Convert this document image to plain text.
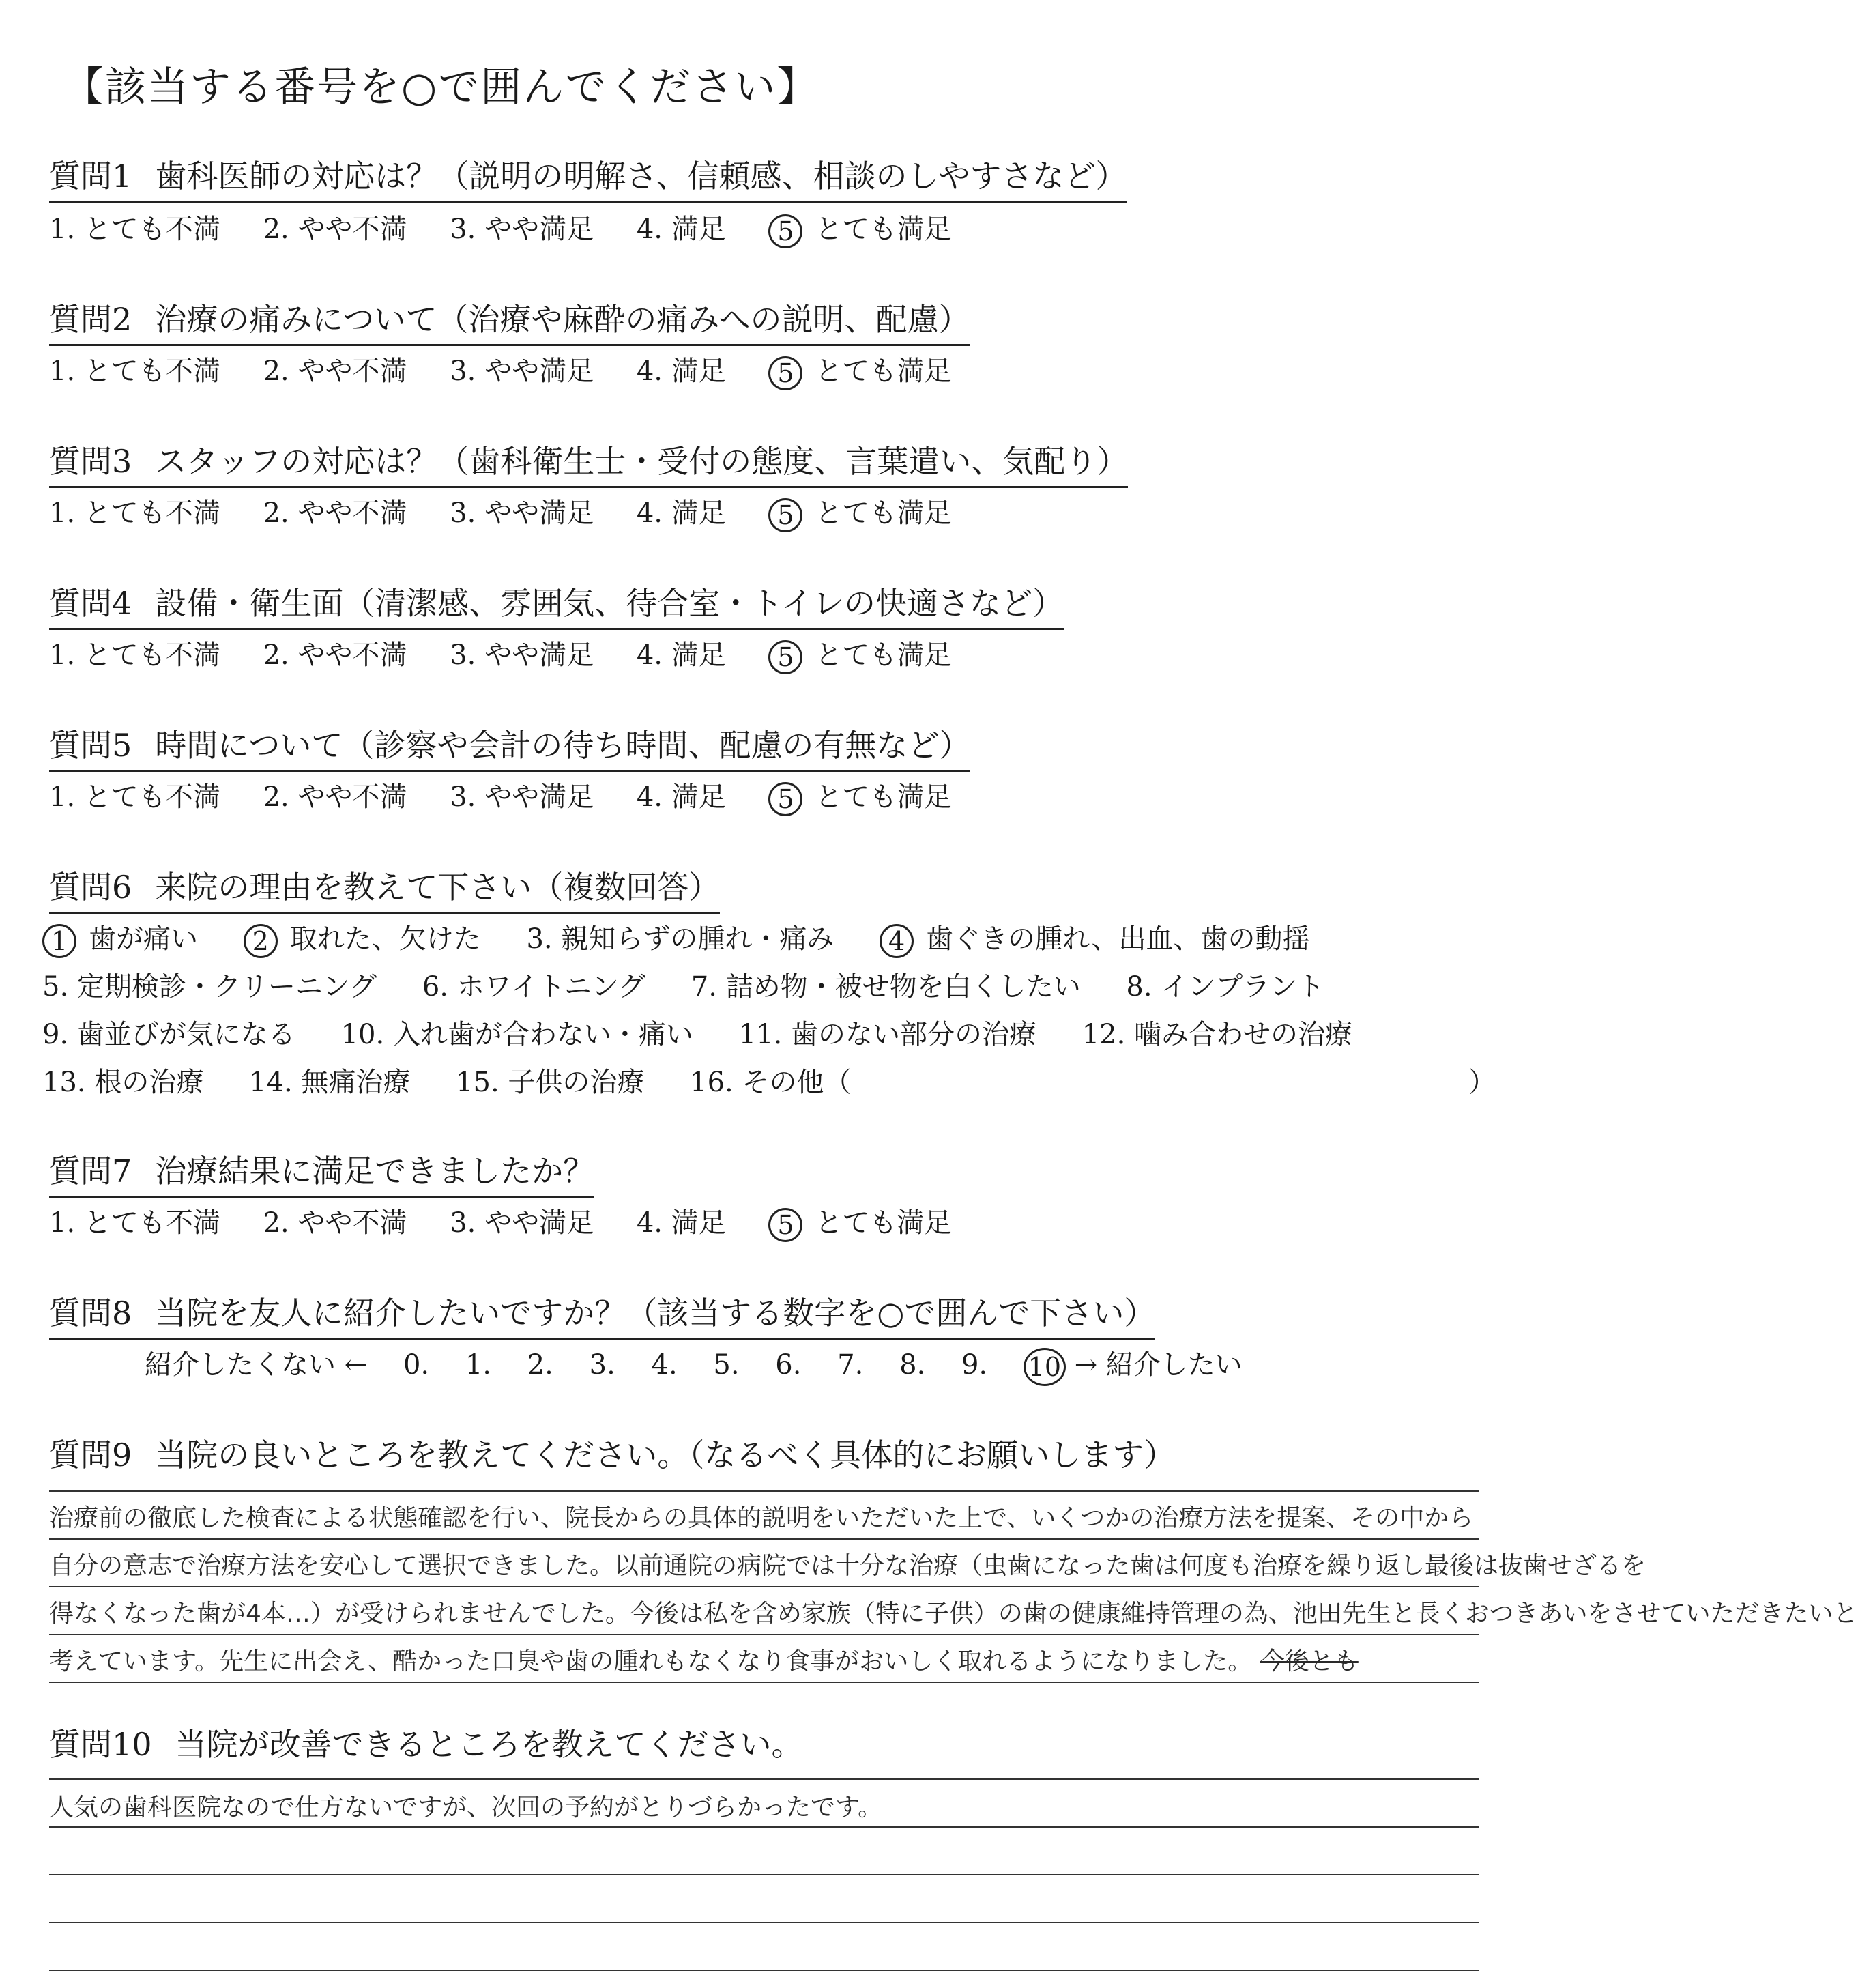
【該当する番号を○で囲んでください】
質問1 歯科医師の対応は？（説明の明解さ、信頼感、相談のしやすさなど）
1. とても不満 2. やや不満 3. やや満足 4. 満足 5 とても満足
質問2 治療の痛みについて（治療や麻酔の痛みへの説明、配慮）
1. とても不満 2. やや不満 3. やや満足 4. 満足 5 とても満足
質問3 スタッフの対応は？（歯科衛生士・受付の態度、言葉遣い、気配り）
1. とても不満 2. やや不満 3. やや満足 4. 満足 5 とても満足
質問4 設備・衛生面（清潔感、雰囲気、待合室・トイレの快適さなど）
1. とても不満 2. やや不満 3. やや満足 4. 満足 5 とても満足
質問5 時間について（診察や会計の待ち時間、配慮の有無など）
1. とても不満 2. やや不満 3. やや満足 4. 満足 5 とても満足
質問6 来院の理由を教えて下さい（複数回答）
1 歯が痛い 2 取れた、欠けた 3. 親知らずの腫れ・痛み 4 歯ぐきの腫れ、出血、歯の動揺
5. 定期検診・クリーニング 6. ホワイトニング 7. 詰め物・被せ物を白くしたい 8. インプラント
9. 歯並びが気になる 10. 入れ歯が合わない・痛い 11. 歯のない部分の治療 12. 噛み合わせの治療
13. 根の治療 14. 無痛治療 15. 子供の治療 16. その他（	）
質問7 治療結果に満足できましたか？
1. とても不満 2. やや不満 3. やや満足 4. 満足 5 とても満足
質問8 当院を友人に紹介したいですか？（該当する数字を○で囲んで下さい）
紹介したくない ← 0. 1. 2. 3. 4. 5. 6. 7. 8. 9. 10 → 紹介したい
質問9 当院の良いところを教えてください。（なるべく具体的にお願いします）
治療前の徹底した検査による状態確認を行い、院長からの具体的説明をいただいた上で、いくつかの治療方法を提案、その中から
自分の意志で治療方法を安心して選択できました。以前通院の病院では十分な治療（虫歯になった歯は何度も治療を繰り返し最後は抜歯せざるを
得なくなった歯が4本…）が受けられませんでした。今後は私を含め家族（特に子供）の歯の健康維持管理の為、池田先生と長くおつきあいをさせていただきたいと
考えています。先生に出会え、酷かった口臭や歯の腫れもなくなり食事がおいしく取れるようになりました。 今後とも
質問10 当院が改善できるところを教えてください。
人気の歯科医院なので仕方ないですが、次回の予約がとりづらかったです。
